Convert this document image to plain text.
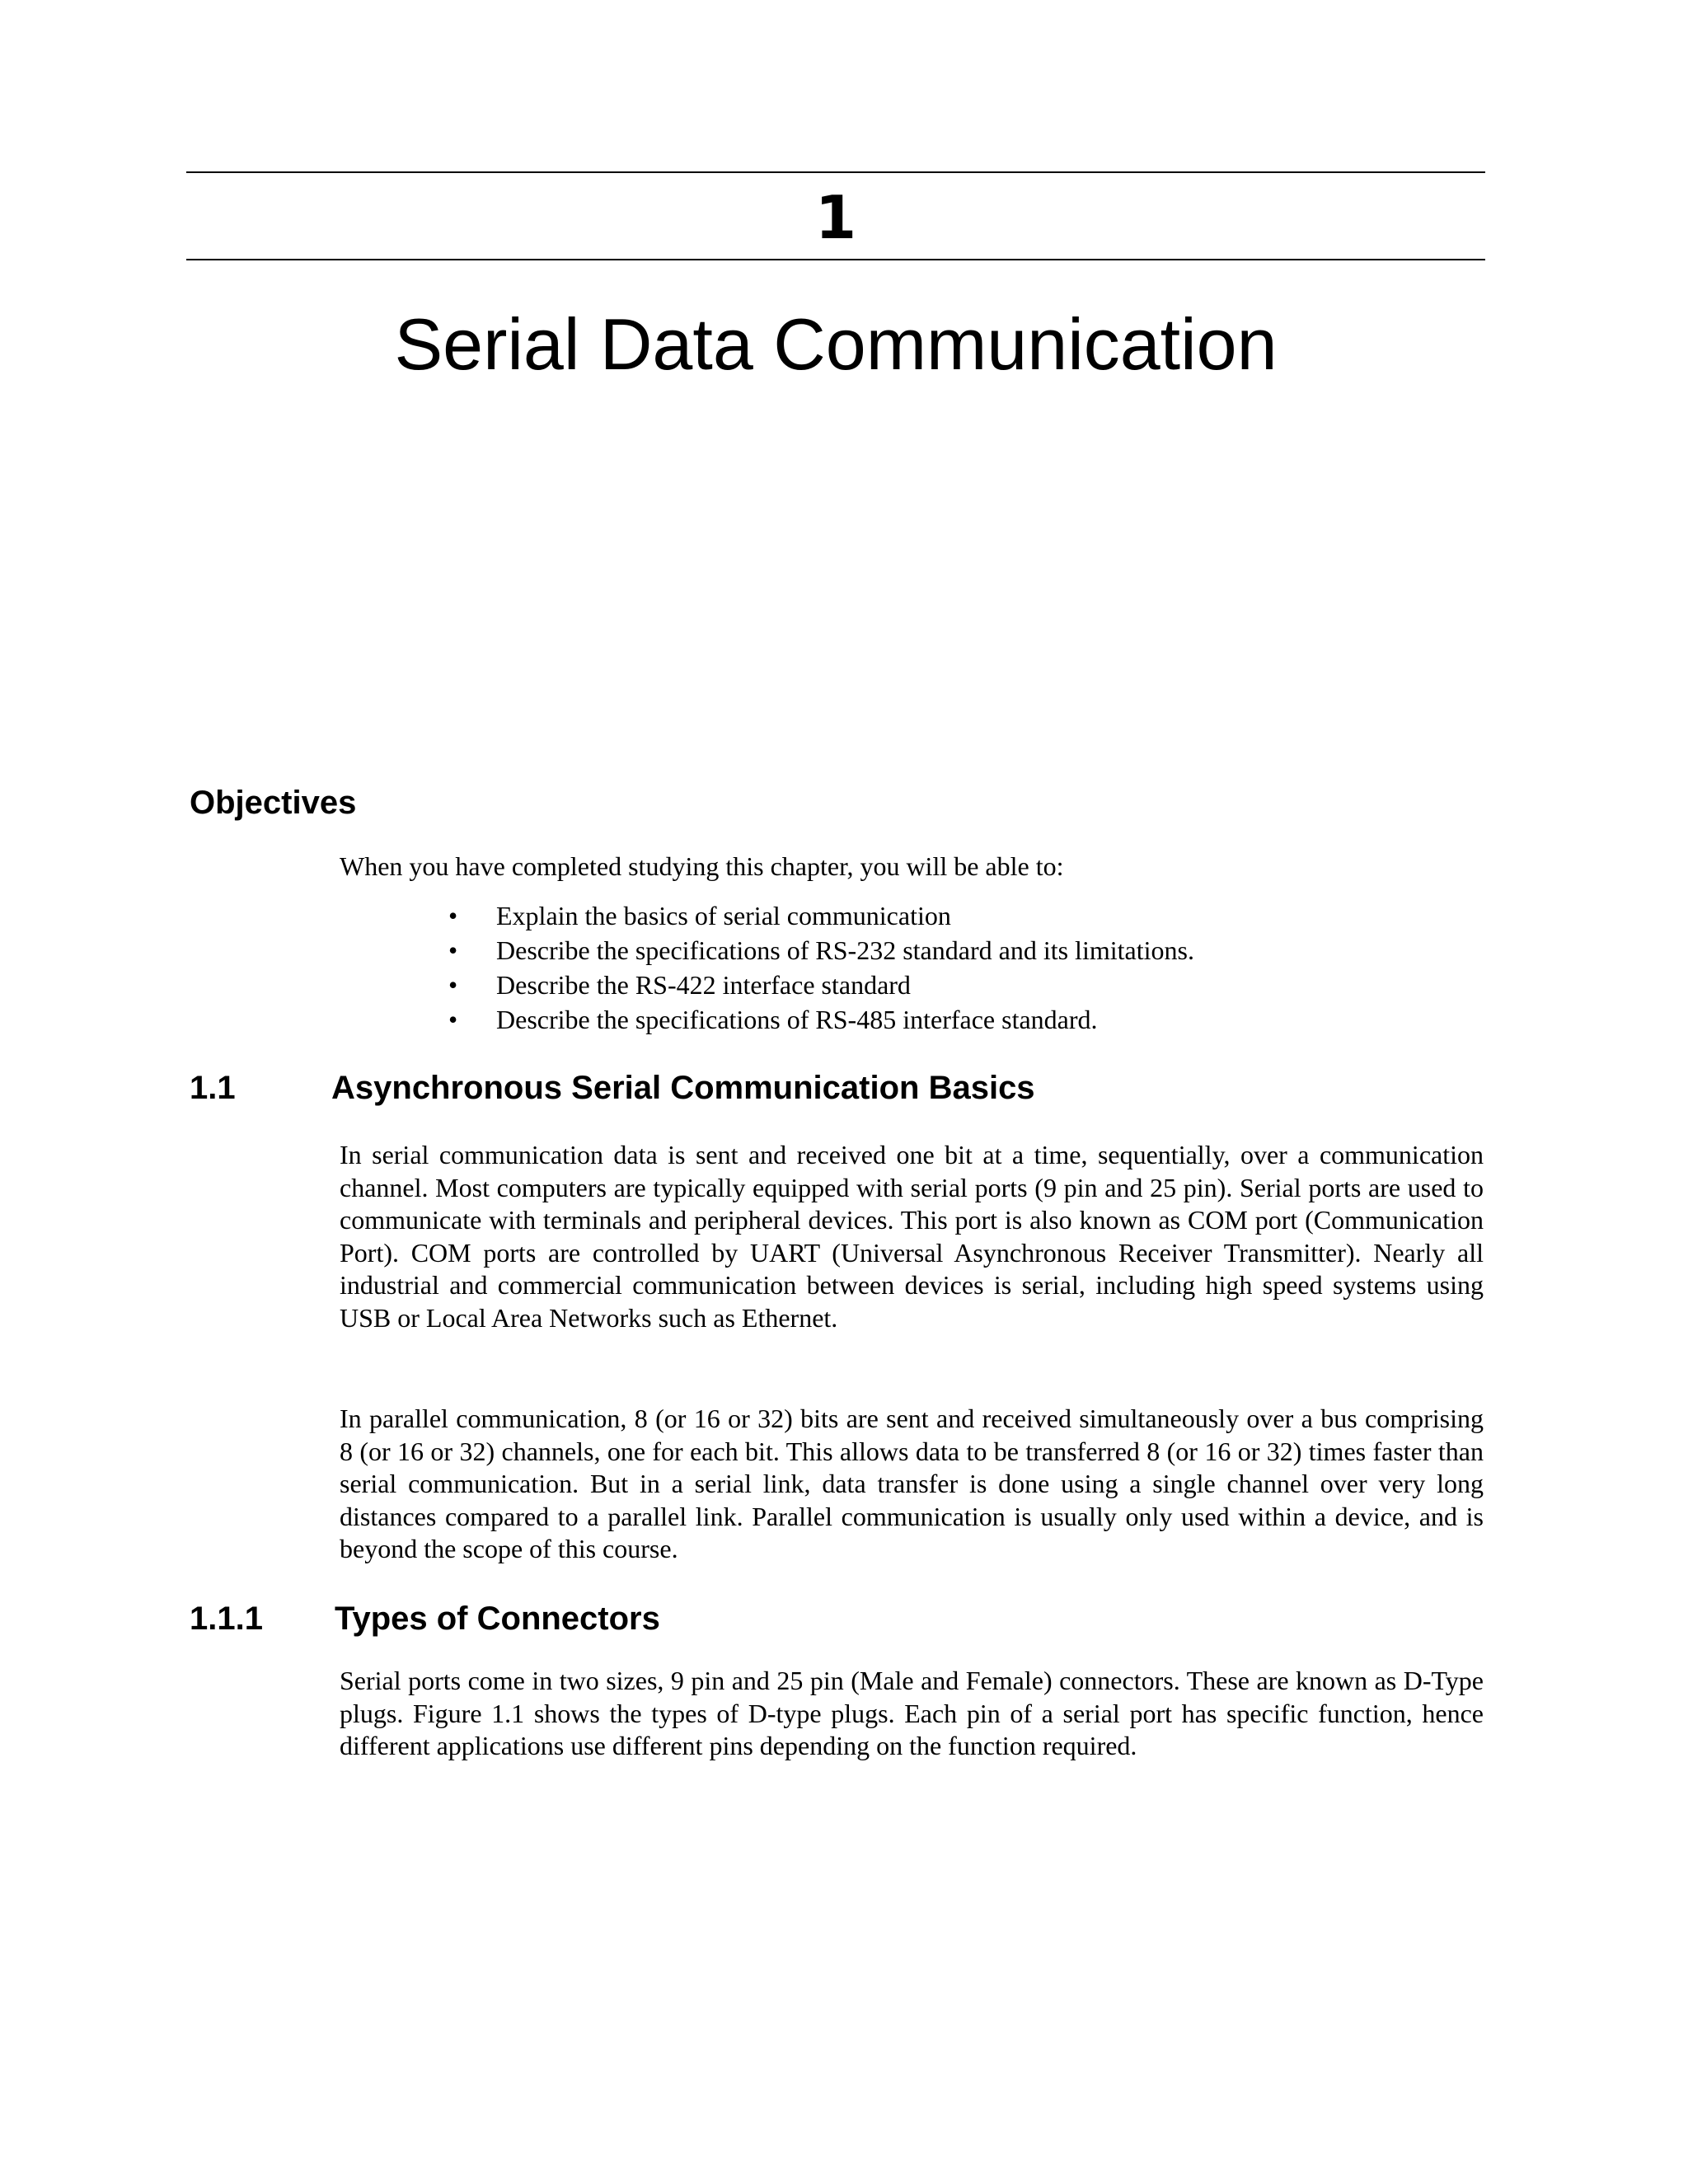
1
Serial Data Communication
Objectives
When you have completed studying this chapter, you will be able to:
• Explain the basics of serial communication
• Describe the specifications of RS-232 standard and its limitations.
• Describe the RS-422 interface standard
• Describe the specifications of RS-485 interface standard.
1.1	Asynchronous Serial Communication Basics

In serial communication data is sent and received one bit at a time, sequentially, over a communication channel. Most computers are typically equipped with serial ports (9 pin and 25 pin). Serial ports are used to communicate with terminals and peripheral devices. This port is also known as COM port (Communication Port). COM ports are controlled by UART (Universal Asynchronous Receiver Transmitter). Nearly all industrial and commercial communication between devices is serial, including high speed systems using USB or Local Area Networks such as Ethernet.

In parallel communication, 8 (or 16 or 32) bits are sent and received simultaneously over a bus comprising 8 (or 16 or 32) channels, one for each bit. This allows data to be transferred 8 (or 16 or 32) times faster than serial communication. But in a serial link, data transfer is done using a single channel over very long distances compared to a parallel link. Parallel communication is usually only used within a device, and is beyond the scope of this course.

1.1.1 Types of Connectors

Serial ports come in two sizes, 9 pin and 25 pin (Male and Female) connectors. These are known as D-Type plugs. Figure 1.1 shows the types of D-type plugs. Each pin of a serial port has specific function, hence different applications use different pins depending on the function required.
